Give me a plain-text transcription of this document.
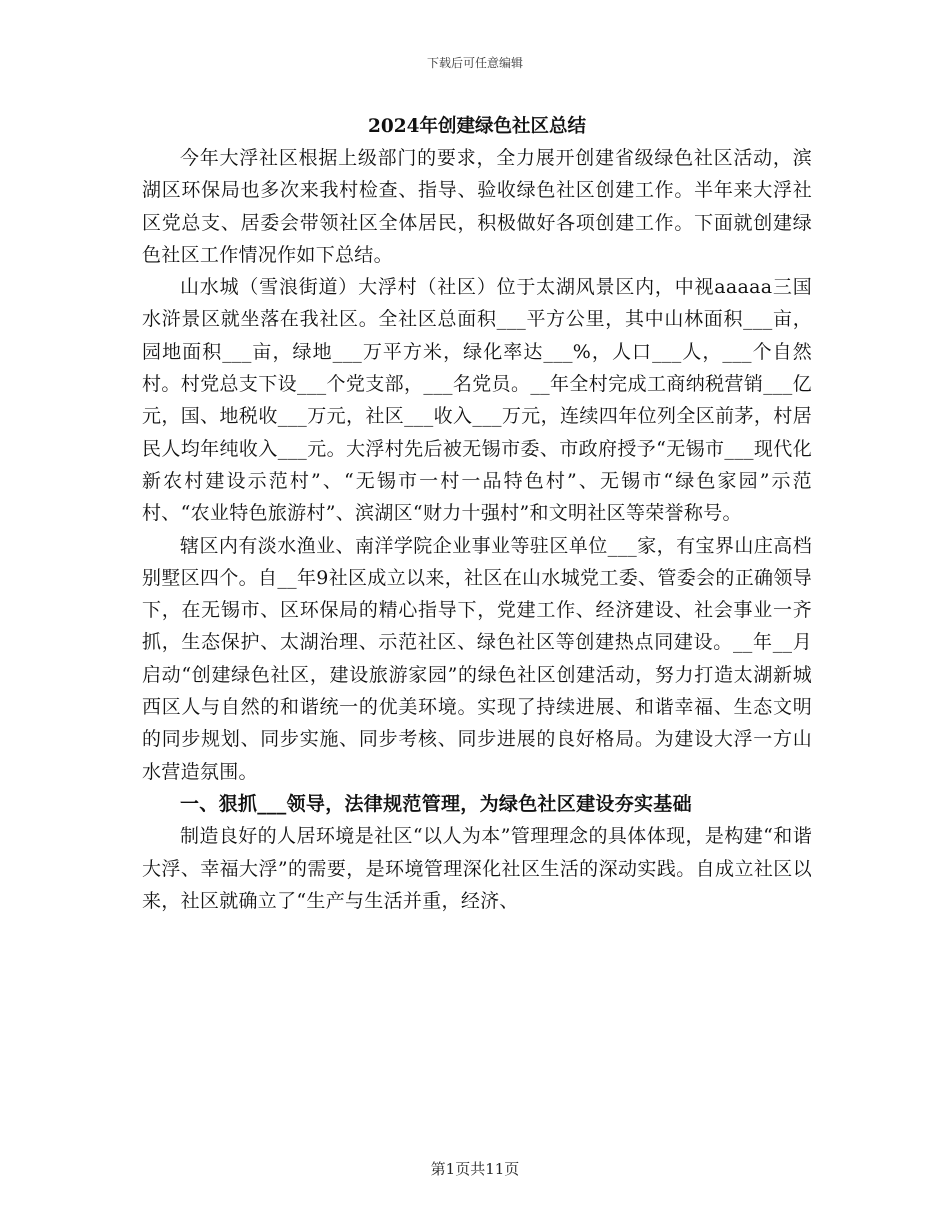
下载后可任意编辑
2024年创建绿色社区总结

今年大浮社区根据上级部门的要求，全力展开创建省级绿色社区活动，滨湖区环保局也多次来我村检查、指导、验收绿色社区创建工作。半年来大浮社区党总支、居委会带领社区全体居民，积极做好各项创建工作。下面就创建绿色社区工作情况作如下总结。

山水城（雪浪街道）大浮村（社区）位于太湖风景区内，中视aaaaa三国水浒景区就坐落在我社区。全社区总面积___平方公里，其中山林面积___亩，园地面积___亩，绿地___万平方米，绿化率达___%，人口___人，___个自然村。村党总支下设___个党支部，___名党员。__年全村完成工商纳税营销___亿元，国、地税收___万元，社区___收入___万元，连续四年位列全区前茅，村居民人均年纯收入___元。大浮村先后被无锡市委、市政府授予“无锡市___现代化新农村建设示范村”、“无锡市一村一品特色村”、无锡市“绿色家园”示范村、“农业特色旅游村”、滨湖区“财力十强村”和文明社区等荣誉称号。

辖区内有淡水渔业、南洋学院企业事业等驻区单位___家，有宝界山庄高档别墅区四个。自__年9社区成立以来，社区在山水城党工委、管委会的正确领导下，在无锡市、区环保局的精心指导下，党建工作、经济建设、社会事业一齐抓，生态保护、太湖治理、示范社区、绿色社区等创建热点同建设。__年__月启动“创建绿色社区，建设旅游家园”的绿色社区创建活动，努力打造太湖新城西区人与自然的和谐统一的优美环境。实现了持续进展、和谐幸福、生态文明的同步规划、同步实施、同步考核、同步进展的良好格局。为建设大浮一方山水营造氛围。

一、狠抓___领导，法律规范管理，为绿色社区建设夯实基础

制造良好的人居环境是社区“以人为本”管理理念的具体体现，是构建“和谐大浮、幸福大浮”的需要，是环境管理深化社区生活的深动实践。自成立社区以来，社区就确立了“生产与生活并重，经济、

第1页共11页
